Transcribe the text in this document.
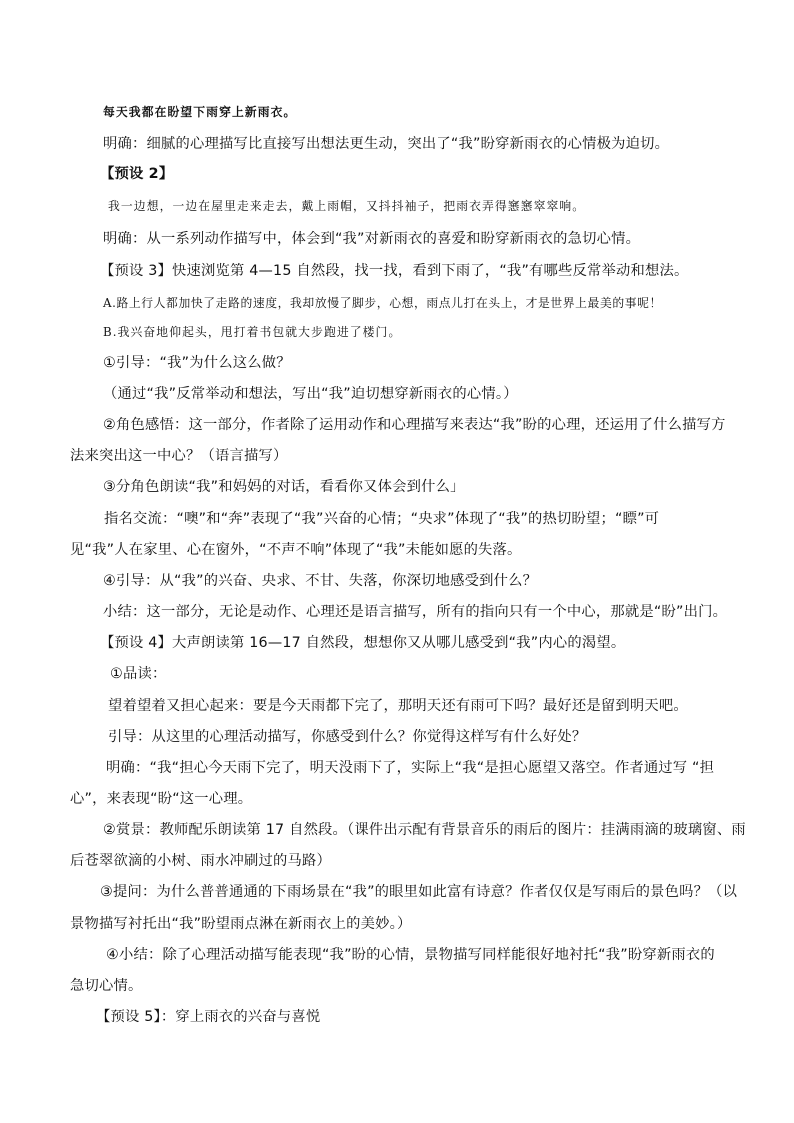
每天我都在盼望下雨穿上新雨衣。
明确：细腻的心理描写比直接写出想法更生动，突出了“我”盼穿新雨衣的心情极为迫切。
【预设 2】
我一边想，一边在屋里走来走去，戴上雨帽，又抖抖袖子，把雨衣弄得窸窸窣窣响。
明确：从一系列动作描写中，体会到“我”对新雨衣的喜爱和盼穿新雨衣的急切心情。
【预设 3】快速浏览第 4—15 自然段，找一找，看到下雨了，“我”有哪些反常举动和想法。
A.路上行人都加快了走路的速度，我却放慢了脚步，心想，雨点儿打在头上，才是世界上最美的事呢！
B.我兴奋地仰起头，甩打着书包就大步跑进了楼门。
①引导：“我”为什么这么做？
（通过“我”反常举动和想法，写出“我”迫切想穿新雨衣的心情。）
②角色感悟：这一部分，作者除了运用动作和心理描写来表达“我”盼的心理，还运用了什么描写方
法来突出这一中心？（语言描写）
③分角色朗读“我”和妈妈的对话，看看你又体会到什么」
指名交流：“噢”和“奔”表现了“我”兴奋的心情；“央求”体现了“我”的热切盼望；“瞟”可
见“我”人在家里、心在窗外，“不声不响”体现了“我”未能如愿的失落。
④引导：从“我”的兴奋、央求、不甘、失落，你深切地感受到什么？
小结：这一部分，无论是动作、心理还是语言描写，所有的指向只有一个中心，那就是“盼”出门。
【预设 4】大声朗读第 16—17 自然段，想想你又从哪儿感受到“我”内心的渴望。
①品读：
望着望着又担心起来：要是今天雨都下完了，那明天还有雨可下吗？最好还是留到明天吧。
引导：从这里的心理活动描写，你感受到什么？你觉得这样写有什么好处？
明确：“我“担心今天雨下完了，明天没雨下了，实际上“我“是担心愿望又落空。作者通过写 “担
心”，来表现“盼“这一心理。
②赏景：教师配乐朗读第 17 自然段。（课件出示配有背景音乐的雨后的图片：挂满雨滴的玻璃窗、雨
后苍翠欲滴的小树、雨水冲刷过的马路）
③提问：为什么普普通通的下雨场景在“我”的眼里如此富有诗意？作者仅仅是写雨后的景色吗？（以
景物描写衬托出“我”盼望雨点淋在新雨衣上的美妙。）
④小结：除了心理活动描写能表现“我”盼的心情，景物描写同样能很好地衬托“我”盼穿新雨衣的
急切心情。
【预设 5】：穿上雨衣的兴奋与喜悦
